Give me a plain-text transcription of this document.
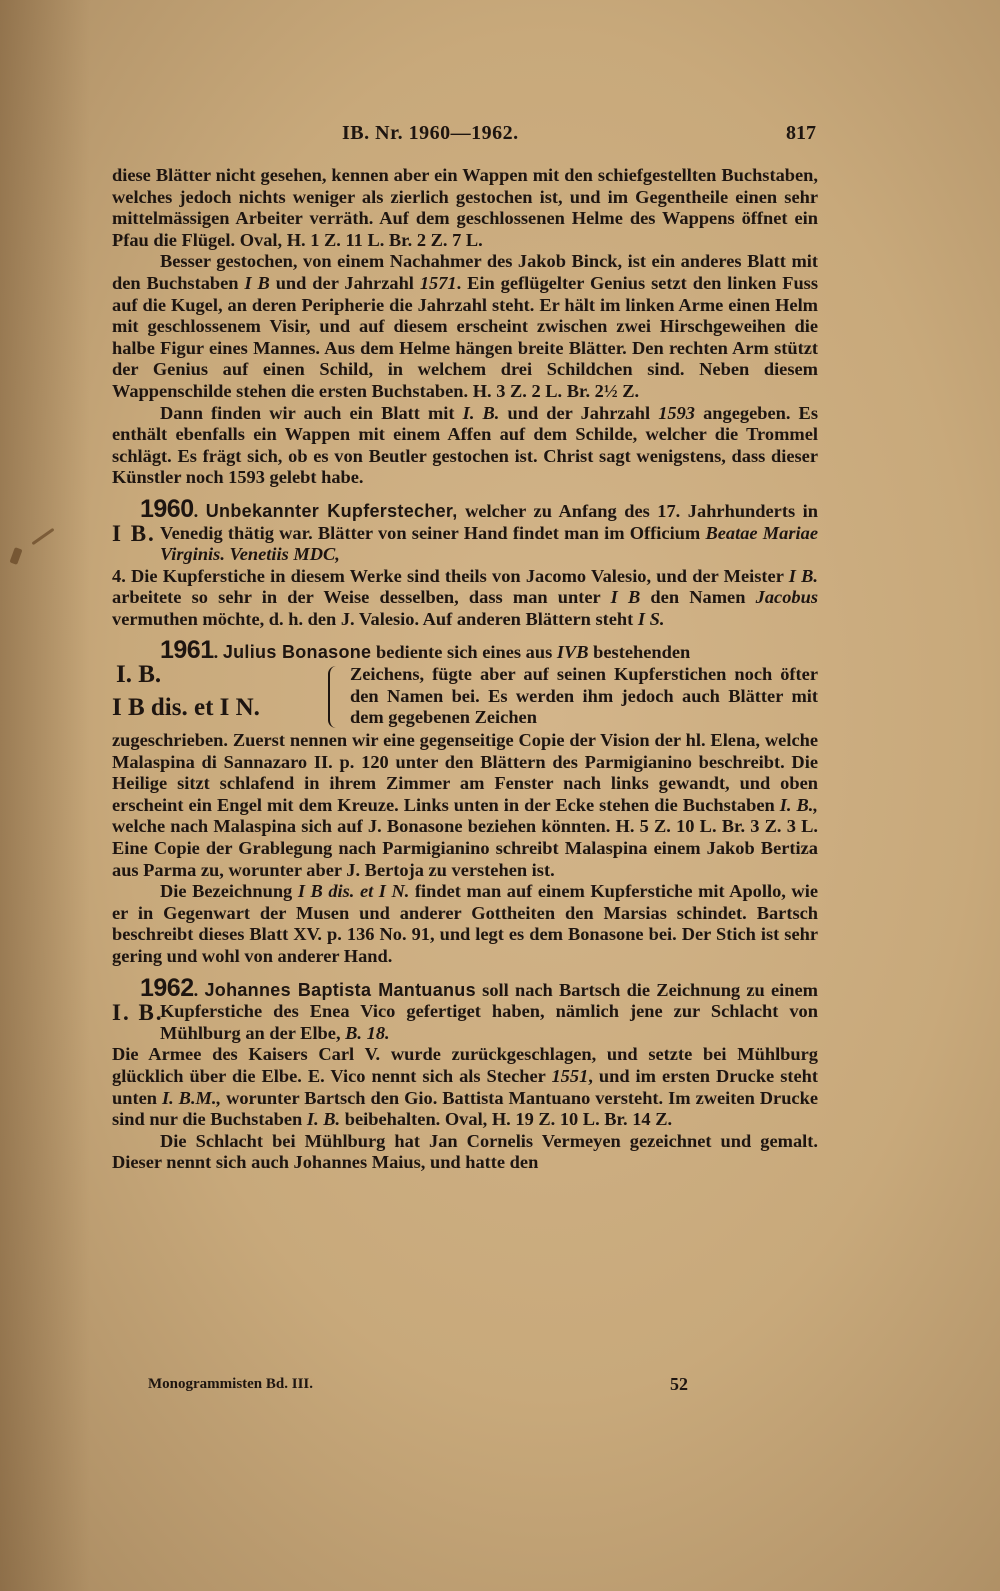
IB. Nr. 1960—1962.	817

diese Blätter nicht gesehen, kennen aber ein Wappen mit den schiefgestellten Buchstaben, welches jedoch nichts weniger als zierlich gestochen ist, und im Gegentheile einen sehr mittelmässigen Arbeiter verräth. Auf dem geschlossenen Helme des Wappens öffnet ein Pfau die Flügel. Oval, H. 1 Z. 11 L. Br. 2 Z. 7 L.

Besser gestochen, von einem Nachahmer des Jakob Binck, ist ein anderes Blatt mit den Buchstaben I B und der Jahrzahl 1571. Ein geflügelter Genius setzt den linken Fuss auf die Kugel, an deren Peripherie die Jahrzahl steht. Er hält im linken Arme einen Helm mit geschlossenem Visir, und auf diesem erscheint zwischen zwei Hirschgeweihen die halbe Figur eines Mannes. Aus dem Helme hängen breite Blätter. Den rechten Arm stützt der Genius auf einen Schild, in welchem drei Schildchen sind. Neben diesem Wappenschilde stehen die ersten Buchstaben. H. 3 Z. 2 L. Br. 2½ Z.

Dann finden wir auch ein Blatt mit I. B. und der Jahrzahl 1593 angegeben. Es enthält ebenfalls ein Wappen mit einem Affen auf dem Schilde, welcher die Trommel schlägt. Es frägt sich, ob es von Beutler gestochen ist. Christ sagt wenigstens, dass dieser Künstler noch 1593 gelebt habe.

I B.

1960. Unbekannter Kupferstecher, welcher zu Anfang des 17. Jahrhunderts in Venedig thätig war. Blätter von seiner Hand findet man im Officium Beatae Mariae Virginis. Venetiis MDC,

4. Die Kupferstiche in diesem Werke sind theils von Jacomo Valesio, und der Meister I B. arbeitete so sehr in der Weise desselben, dass man unter I B den Namen Jacobus vermuthen möchte, d. h. den J. Valesio. Auf anderen Blättern steht I S.

1961. Julius Bonasone bediente sich eines aus IVB bestehenden

I. B.
I B dis. et I N.

Zeichens, fügte aber auf seinen Kupferstichen noch öfter den Namen bei. Es werden ihm jedoch auch Blätter mit dem gegebenen Zeichen

zugeschrieben. Zuerst nennen wir eine gegenseitige Copie der Vision der hl. Elena, welche Malaspina di Sannazaro II. p. 120 unter den Blättern des Parmigianino beschreibt. Die Heilige sitzt schlafend in ihrem Zimmer am Fenster nach links gewandt, und oben erscheint ein Engel mit dem Kreuze. Links unten in der Ecke stehen die Buchstaben I. B., welche nach Malaspina sich auf J. Bonasone beziehen könnten. H. 5 Z. 10 L. Br. 3 Z. 3 L. Eine Copie der Grablegung nach Parmigianino schreibt Malaspina einem Jakob Bertiza aus Parma zu, worunter aber J. Bertoja zu verstehen ist.

Die Bezeichnung I B dis. et I N. findet man auf einem Kupferstiche mit Apollo, wie er in Gegenwart der Musen und anderer Gottheiten den Marsias schindet. Bartsch beschreibt dieses Blatt XV. p. 136 No. 91, und legt es dem Bonasone bei. Der Stich ist sehr gering und wohl von anderer Hand.

I. B.

1962. Johannes Baptista Mantuanus soll nach Bartsch die Zeichnung zu einem Kupferstiche des Enea Vico gefertiget haben, nämlich jene zur Schlacht von Mühlburg an der Elbe, B. 18.

Die Armee des Kaisers Carl V. wurde zurückgeschlagen, und setzte bei Mühlburg glücklich über die Elbe. E. Vico nennt sich als Stecher 1551, und im ersten Drucke steht unten I. B.M., worunter Bartsch den Gio. Battista Mantuano versteht. Im zweiten Drucke sind nur die Buchstaben I. B. beibehalten. Oval, H. 19 Z. 10 L. Br. 14 Z.

Die Schlacht bei Mühlburg hat Jan Cornelis Vermeyen gezeichnet und gemalt. Dieser nennt sich auch Johannes Maius, und hatte den

Monogrammisten Bd. III.	52
